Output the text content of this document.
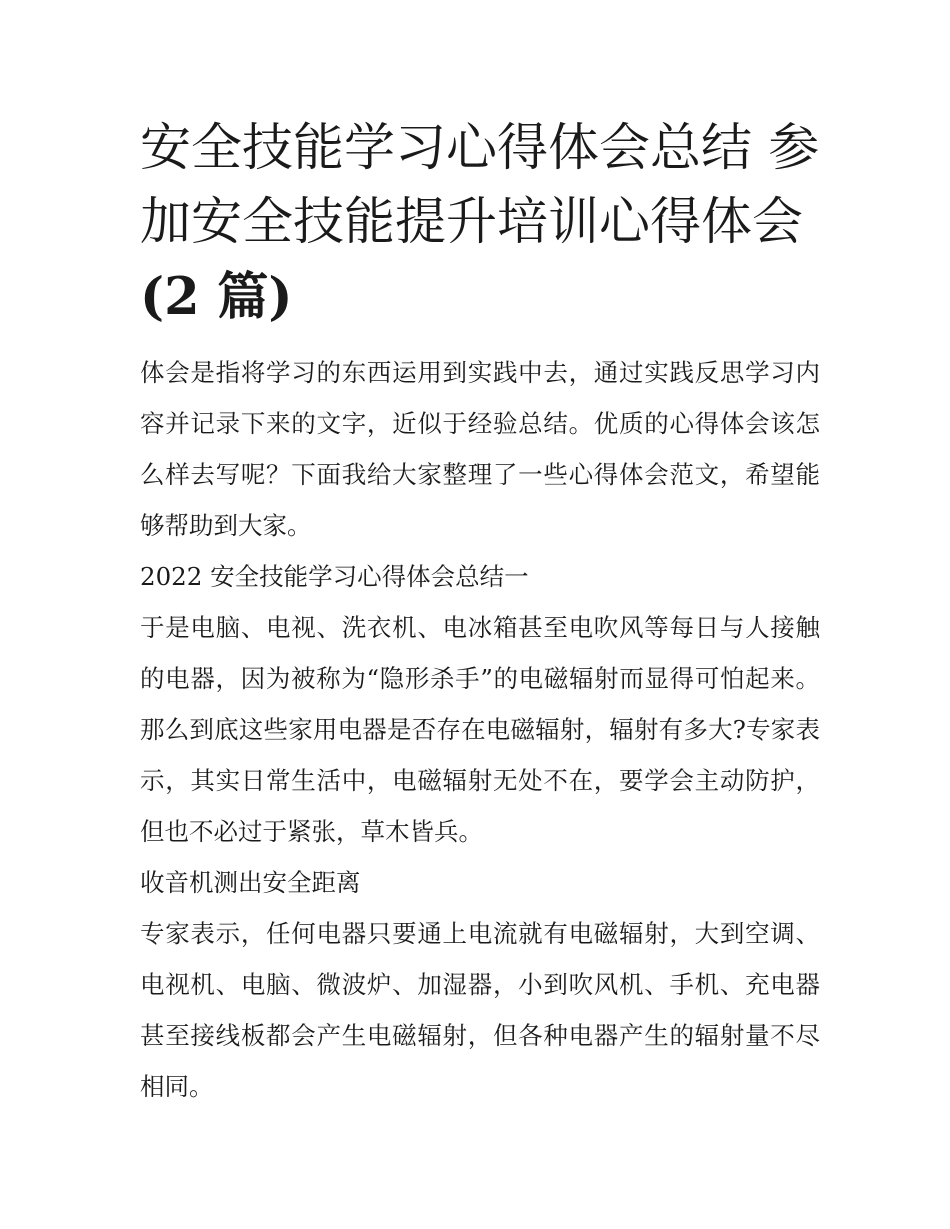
安全技能学习心得体会总结 参加安全技能提升培训心得体会(2 篇)

体会是指将学习的东西运用到实践中去，通过实践反思学习内容并记录下来的文字，近似于经验总结。优质的心得体会该怎么样去写呢？下面我给大家整理了一些心得体会范文，希望能够帮助到大家。

2022 安全技能学习心得体会总结一

于是电脑、电视、洗衣机、电冰箱甚至电吹风等每日与人接触的电器，因为被称为“隐形杀手”的电磁辐射而显得可怕起来。那么到底这些家用电器是否存在电磁辐射，辐射有多大?专家表示，其实日常生活中，电磁辐射无处不在，要学会主动防护，但也不必过于紧张，草木皆兵。

收音机测出安全距离

专家表示，任何电器只要通上电流就有电磁辐射，大到空调、电视机、电脑、微波炉、加湿器，小到吹风机、手机、充电器甚至接线板都会产生电磁辐射，但各种电器产生的辐射量不尽相同。
